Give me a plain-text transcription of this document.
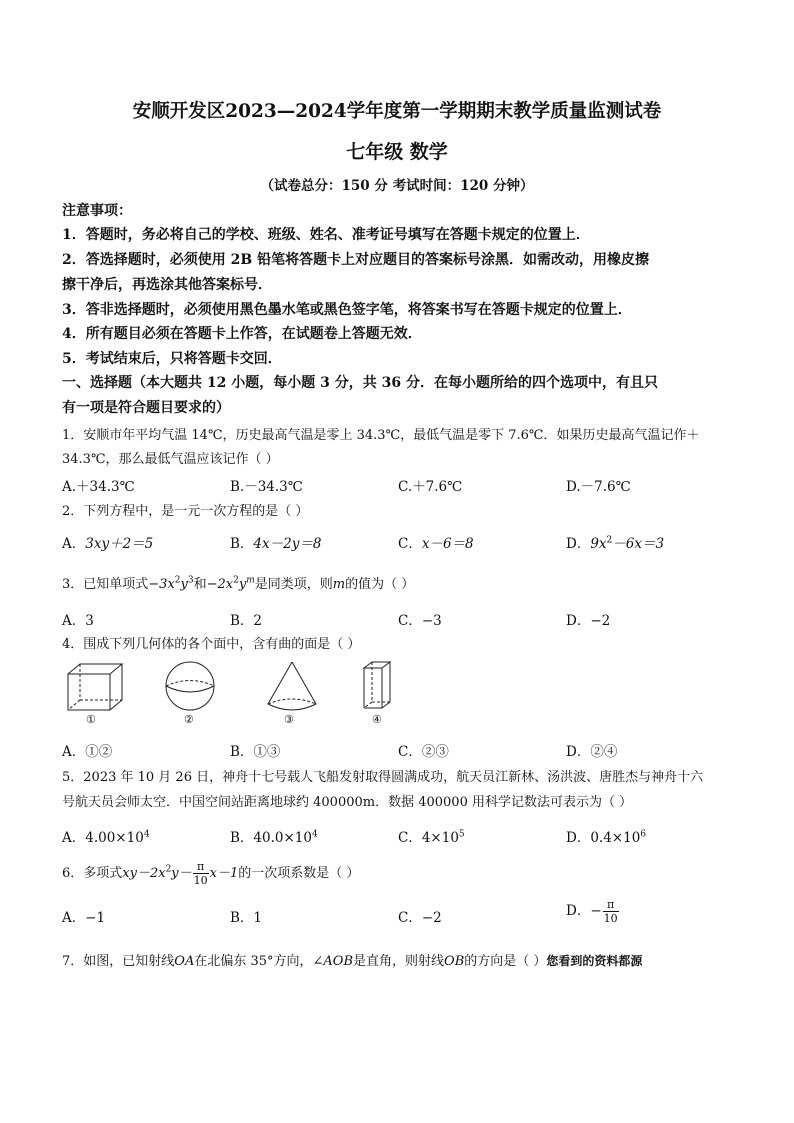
安顺开发区2023—2024学年度第一学期期末教学质量监测试卷
七年级 数学
（试卷总分：150 分 考试时间：120 分钟）
注意事项：
1．答题时，务必将自己的学校、班级、姓名、准考证号填写在答题卡规定的位置上．
2．答选择题时，必须使用 2B 铅笔将答题卡上对应题目的答案标号涂黑．如需改动，用橡皮擦
擦干净后，再选涂其他答案标号．
3．答非选择题时，必须使用黑色墨水笔或黑色签字笔，将答案书写在答题卡规定的位置上．
4．所有题目必须在答题卡上作答，在试题卷上答题无效．
5．考试结束后，只将答题卡交回．
一、选择题（本大题共 12 小题，每小题 3 分，共 36 分．在每小题所给的四个选项中，有且只
有一项是符合题目要求的）
1．安顺市年平均气温 14℃，历史最高气温是零上 34.3℃，最低气温是零下 7.6℃．如果历史最高气温记作＋
34.3℃，那么最低气温应该记作（ ）
A.＋34.3℃	B.－34.3℃	C.＋7.6℃	D.－7.6℃
2．下列方程中，是一元一次方程的是（ ）
A．3xy＋2＝5	B．4x－2y＝8	C．x－6＝8	D．$9x^2-6x=3$
3．已知单项式$-3x^2y^3$和$-2x^2y^m$是同类项，则m的值为（ ）
A．3	B．2	C．−3	D．−2
4．围成下列几何体的各个面中，含有曲的面是（ ）
①	②	③	④
A．①②	B．①③	C．②③	D．②④
5．2023 年 10 月 26 日，神舟十七号载人飞船发射取得圆满成功，航天员江新林、汤洪波、唐胜杰与神舟十六
号航天员会师太空．中国空间站距离地球约 400000m．数据 400000 用科学记数法可表示为（ ）
A．$4.00\times 10^4$	B．$40.0\times 10^4$	C．$4\times 10^5$	D．$0.4\times 10^6$
6．多项式$xy-2x^2y- \frac{\pi}{10} x-1$的一次项系数是（ ）
A．−1	B．1	C．−2	D．− $\frac{\pi}{10}$
7．如图，已知射线OA在北偏东 35°方向，∠AOB是直角，则射线OB的方向是（ ）您看到的资料都源
